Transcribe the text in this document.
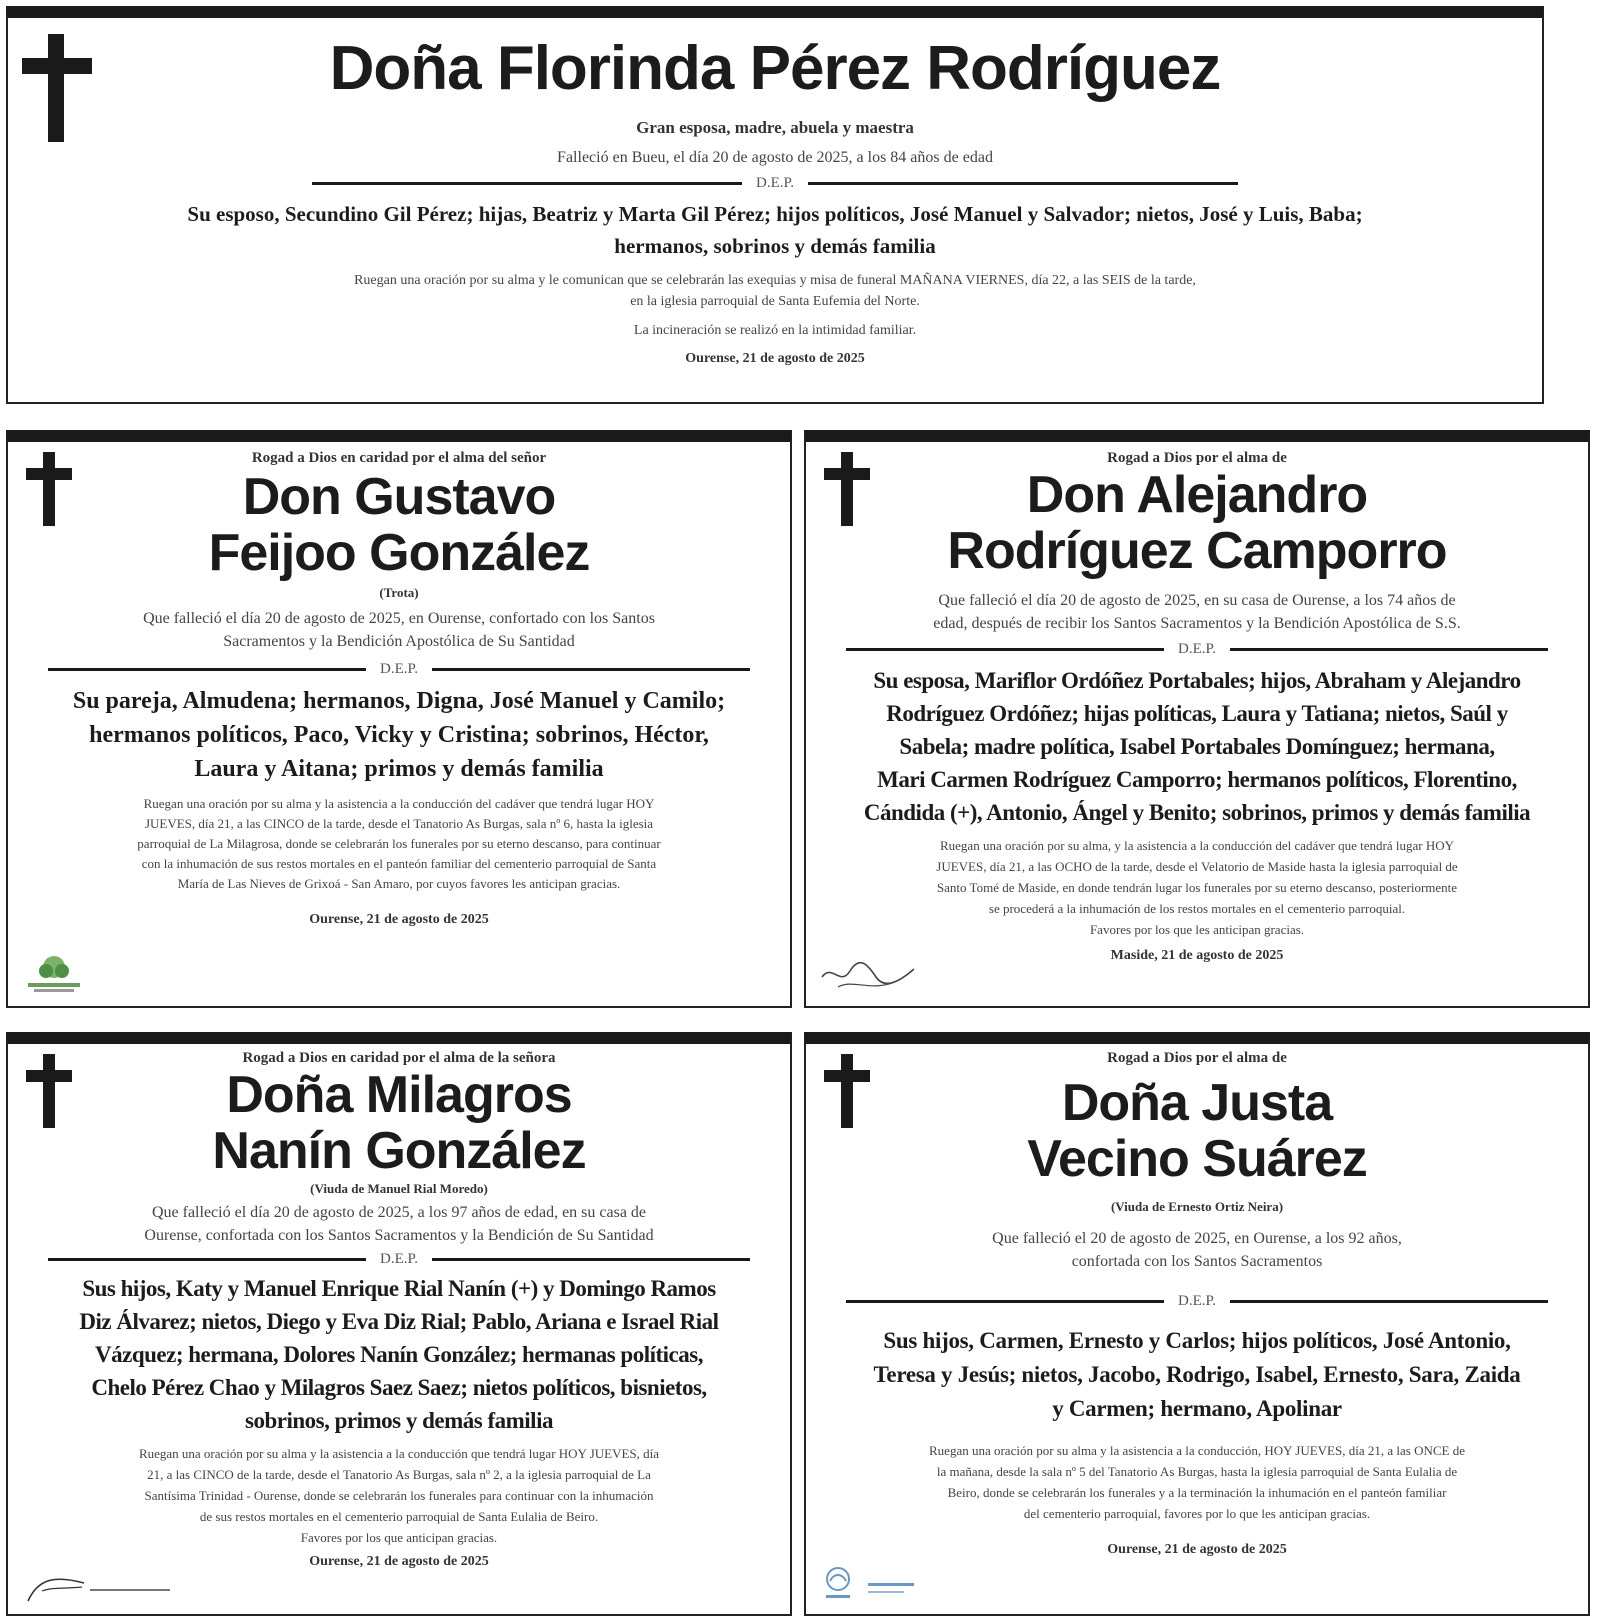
Doña Florinda Pérez Rodríguez
Gran esposa, madre, abuela y maestra
Falleció en Bueu, el día 20 de agosto de 2025, a los 84 años de edad
D.E.P.
Su esposo, Secundino Gil Pérez; hijas, Beatriz y Marta Gil Pérez; hijos políticos, José Manuel y Salvador; nietos, José y Luis, Baba;
hermanos, sobrinos y demás familia
Ruegan una oración por su alma y le comunican que se celebrarán las exequias y misa de funeral MAÑANA VIERNES, día 22, a las SEIS de la tarde,
en la iglesia parroquial de Santa Eufemia del Norte.
La incineración se realizó en la intimidad familiar.
Ourense, 21 de agosto de 2025
Rogad a Dios en caridad por el alma del señor
Don Gustavo
Feijoo González
(Trota)
Que falleció el día 20 de agosto de 2025, en Ourense, confortado con los Santos
Sacramentos y la Bendición Apostólica de Su Santidad
D.E.P.
Su pareja, Almudena; hermanos, Digna, José Manuel y Camilo;
hermanos políticos, Paco, Vicky y Cristina; sobrinos, Héctor,
Laura y Aitana; primos y demás familia
Ruegan una oración por su alma y la asistencia a la conducción del cadáver que tendrá lugar HOY
JUEVES, día 21, a las CINCO de la tarde, desde el Tanatorio As Burgas, sala nº 6, hasta la iglesia
parroquial de La Milagrosa, donde se celebrarán los funerales por su eterno descanso, para continuar
con la inhumación de sus restos mortales en el panteón familiar del cementerio parroquial de Santa
María de Las Nieves de Grixoá - San Amaro, por cuyos favores les anticipan gracias.
Ourense, 21 de agosto de 2025
Rogad a Dios por el alma de
Don Alejandro
Rodríguez Camporro
Que falleció el día 20 de agosto de 2025, en su casa de Ourense, a los 74 años de
edad, después de recibir los Santos Sacramentos y la Bendición Apostólica de S.S.
D.E.P.
Su esposa, Mariflor Ordóñez Portabales; hijos, Abraham y Alejandro
Rodríguez Ordóñez; hijas políticas, Laura y Tatiana; nietos, Saúl y
Sabela; madre política, Isabel Portabales Domínguez; hermana,
Mari Carmen Rodríguez Camporro; hermanos políticos, Florentino,
Cándida (+), Antonio, Ángel y Benito; sobrinos, primos y demás familia
Ruegan una oración por su alma, y la asistencia a la conducción del cadáver que tendrá lugar HOY
JUEVES, día 21, a las OCHO de la tarde, desde el Velatorio de Maside hasta la iglesia parroquial de
Santo Tomé de Maside, en donde tendrán lugar los funerales por su eterno descanso, posteriormente
se procederá a la inhumación de los restos mortales en el cementerio parroquial.
Favores por los que les anticipan gracias.
Maside, 21 de agosto de 2025
Rogad a Dios en caridad por el alma de la señora
Doña Milagros
Nanín González
(Viuda de Manuel Rial Moredo)
Que falleció el día 20 de agosto de 2025, a los 97 años de edad, en su casa de
Ourense, confortada con los Santos Sacramentos y la Bendición de Su Santidad
D.E.P.
Sus hijos, Katy y Manuel Enrique Rial Nanín (+) y Domingo Ramos
Diz Álvarez; nietos, Diego y Eva Diz Rial; Pablo, Ariana e Israel Rial
Vázquez; hermana, Dolores Nanín González; hermanas políticas,
Chelo Pérez Chao y Milagros Saez Saez; nietos políticos, bisnietos,
sobrinos, primos y demás familia
Ruegan una oración por su alma y la asistencia a la conducción que tendrá lugar HOY JUEVES, día
21, a las CINCO de la tarde, desde el Tanatorio As Burgas, sala nº 2, a la iglesia parroquial de La
Santísima Trinidad - Ourense, donde se celebrarán los funerales para continuar con la inhumación
de sus restos mortales en el cementerio parroquial de Santa Eulalia de Beiro.
Favores por los que anticipan gracias.
Ourense, 21 de agosto de 2025
Rogad a Dios por el alma de
Doña Justa
Vecino Suárez
(Viuda de Ernesto Ortiz Neira)
Que falleció el 20 de agosto de 2025, en Ourense, a los 92 años,
confortada con los Santos Sacramentos
D.E.P.
Sus hijos, Carmen, Ernesto y Carlos; hijos políticos, José Antonio,
Teresa y Jesús; nietos, Jacobo, Rodrigo, Isabel, Ernesto, Sara, Zaida
y Carmen; hermano, Apolinar
Ruegan una oración por su alma y la asistencia a la conducción, HOY JUEVES, día 21, a las ONCE de
la mañana, desde la sala nº 5 del Tanatorio As Burgas, hasta la iglesia parroquial de Santa Eulalia de
Beiro, donde se celebrarán los funerales y a la terminación la inhumación en el panteón familiar
del cementerio parroquial, favores por lo que les anticipan gracias.
Ourense, 21 de agosto de 2025
